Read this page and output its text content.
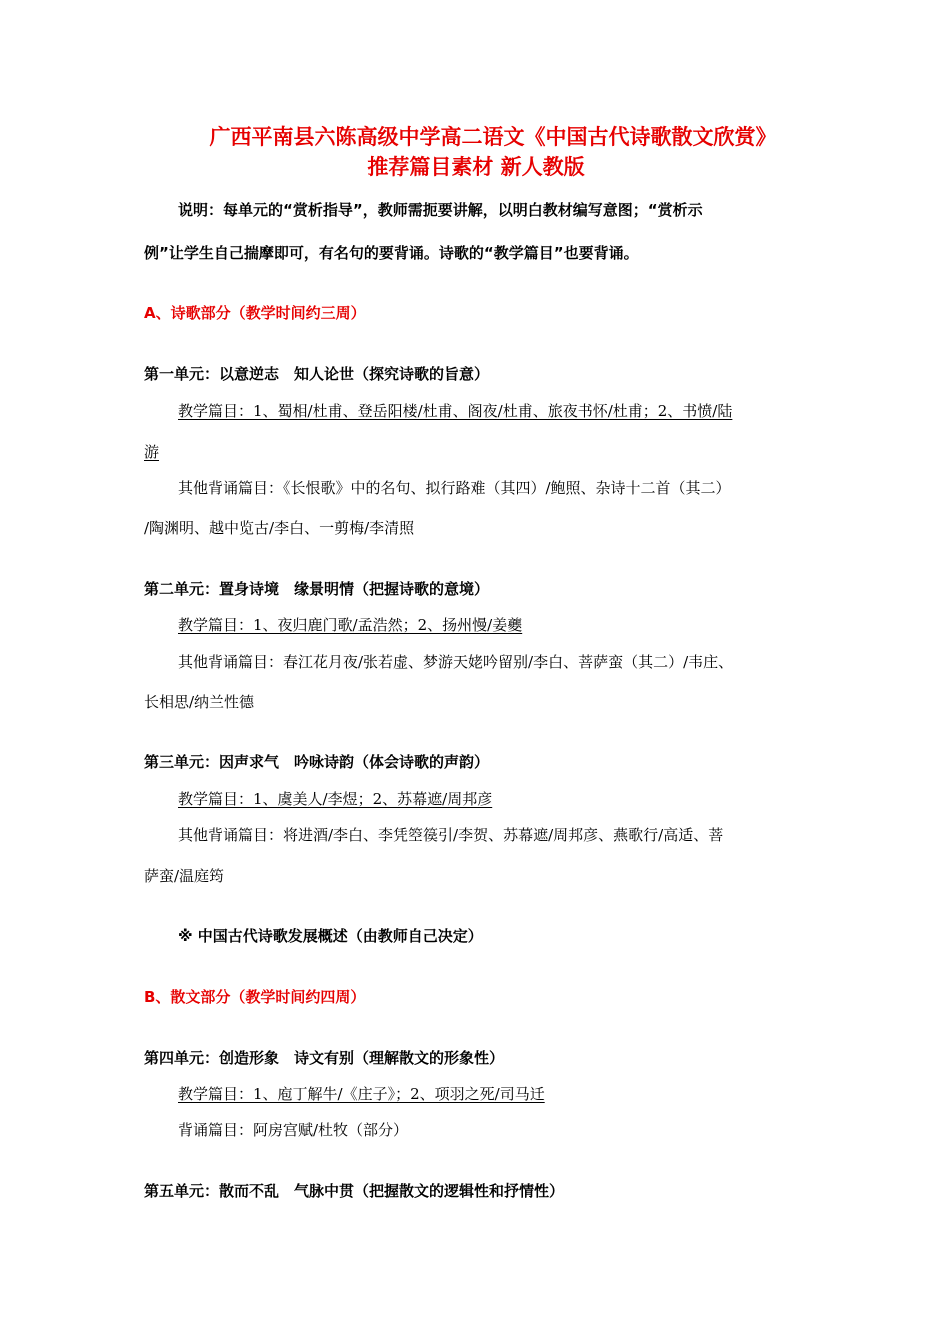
广西平南县六陈高级中学高二语文《中国古代诗歌散文欣赏》
推荐篇目素材 新人教版
说明：每单元的“赏析指导”，教师需扼要讲解，以明白教材编写意图；“赏析示
例”让学生自己揣摩即可，有名句的要背诵。诗歌的“教学篇目”也要背诵。
A、诗歌部分（教学时间约三周）
第一单元：以意逆志　知人论世（探究诗歌的旨意）
教学篇目：1、蜀相/杜甫、登岳阳楼/杜甫、阁夜/杜甫、旅夜书怀/杜甫；2、书愤/陆
游
其他背诵篇目：《长恨歌》中的名句、拟行路难（其四）/鲍照、杂诗十二首（其二）
/陶渊明、越中览古/李白、一剪梅/李清照
第二单元：置身诗境　缘景明情（把握诗歌的意境）
教学篇目：1、夜归鹿门歌/孟浩然；2、扬州慢/姜夔
其他背诵篇目：春江花月夜/张若虚、梦游天姥吟留别/李白、菩萨蛮（其二）/韦庄、
长相思/纳兰性德
第三单元：因声求气　吟咏诗韵（体会诗歌的声韵）
教学篇目：1、虞美人/李煜；2、苏幕遮/周邦彦
其他背诵篇目：将进酒/李白、李凭箜篌引/李贺、苏幕遮/周邦彦、燕歌行/高适、菩
萨蛮/温庭筠
※ 中国古代诗歌发展概述（由教师自己决定）
B、散文部分（教学时间约四周）
第四单元：创造形象　诗文有别（理解散文的形象性）
教学篇目：1、庖丁解牛/《庄子》；2、项羽之死/司马迁
背诵篇目：阿房宫赋/杜牧（部分）
第五单元：散而不乱　气脉中贯（把握散文的逻辑性和抒情性）
